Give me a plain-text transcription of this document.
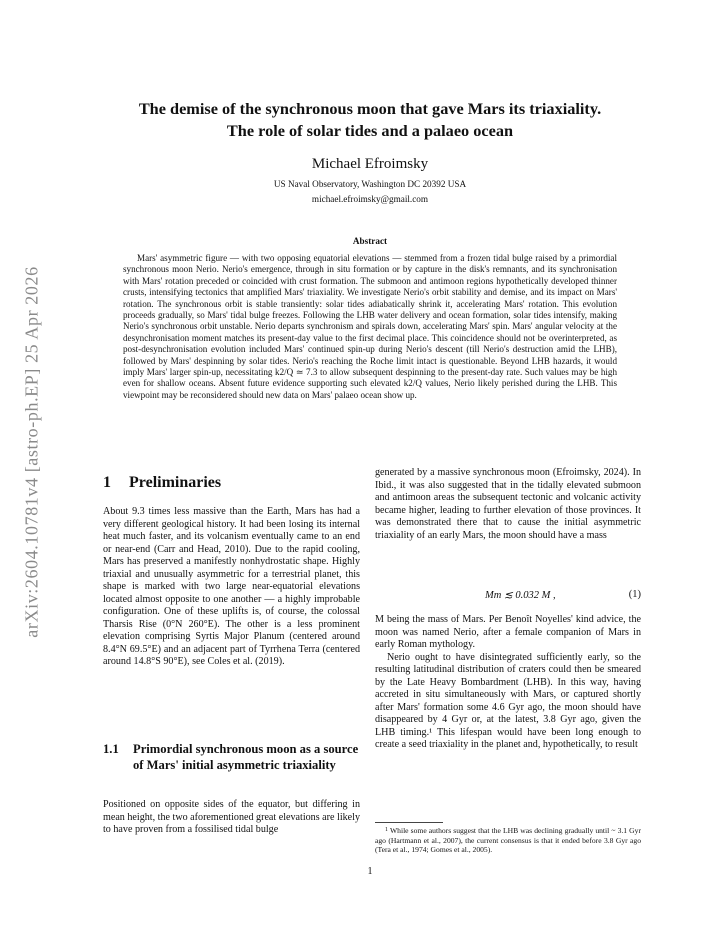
arXiv:2604.10781v4 [astro-ph.EP] 25 Apr 2026
The demise of the synchronous moon that gave Mars its triaxiality.
The role of solar tides and a palaeo ocean
Michael Efroimsky
US Naval Observatory, Washington DC 20392 USA
michael.efroimsky@gmail.com
Abstract
Mars' asymmetric figure — with two opposing equatorial elevations — stemmed from a frozen tidal bulge raised by a primordial synchronous moon Nerio. Nerio's emergence, through in situ formation or by capture in the disk's remnants, and its synchronisation with Mars' rotation preceded or coincided with crust formation. The submoon and antimoon regions hypothetically developed thinner crusts, intensifying tectonics that amplified Mars' triaxiality. We investigate Nerio's orbit stability and demise, and its impact on Mars' rotation. The synchronous orbit is stable transiently: solar tides adiabatically shrink it, accelerating Mars' rotation. This evolution proceeds gradually, so Mars' tidal bulge freezes. Following the LHB water delivery and ocean formation, solar tides intensify, making Nerio's synchronous orbit unstable. Nerio departs synchronism and spirals down, accelerating Mars' spin. Mars' angular velocity at the desynchronisation moment matches its present-day value to the first decimal place. This coincidence should not be overinterpreted, as post-desynchronisation evolution included Mars' continued spin-up during Nerio's descent (till Nerio's destruction amid the LHB), followed by Mars' despinning by solar tides. Nerio's reaching the Roche limit intact is questionable. Beyond LHB hazards, it would imply Mars' larger spin-up, necessitating k2/Q ≃ 7.3 to allow subsequent despinning to the present-day rate. Such values may be high even for shallow oceans. Absent future evidence supporting such elevated k2/Q values, Nerio likely perished during the LHB. This viewpoint may be reconsidered should new data on Mars' palaeo ocean show up.
1 Preliminaries

About 9.3 times less massive than the Earth, Mars has had a very different geological history. It had been losing its internal heat much faster, and its volcanism eventually came to an end or near-end (Carr and Head, 2010). Due to the rapid cooling, Mars has preserved a manifestly nonhydrostatic shape. Highly triaxial and unusually asymmetric for a terrestrial planet, this shape is marked with two large near-equatorial elevations located almost opposite to one another — a highly improbable configuration. One of these uplifts is, of course, the colossal Tharsis Rise (0°N 260°E). The other is a less prominent elevation comprising Syrtis Major Planum (centered around 8.4°N 69.5°E) and an adjacent part of Tyrrhena Terra (centered around 14.8°S 90°E), see Coles et al. (2019).

1.1 Primordial synchronous moon as a source of Mars' initial asymmetric triaxiality
Positioned on opposite sides of the equator, but differing in mean height, the two aforementioned great elevations are likely to have proven from a fossilised tidal bulge

generated by a massive synchronous moon (Efroimsky, 2024). In Ibid., it was also suggested that in the tidally elevated submoon and antimoon areas the subsequent tectonic and volcanic activity became higher, leading to further elevation of those provinces. It was demonstrated there that to cause the initial asymmetric triaxiality of an early Mars, the moon should have a mass

Mm ≲ 0.032 M ,	(1)

M being the mass of Mars. Per Benoît Noyelles' kind advice, the moon was named Nerio, after a female companion of Mars in early Roman mythology.

Nerio ought to have disintegrated sufficiently early, so the resulting latitudinal distribution of craters could then be smeared by the Late Heavy Bombardment (LHB). In this way, having accreted in situ simultaneously with Mars, or captured shortly after Mars' formation some 4.6 Gyr ago, the moon should have disappeared by 4 Gyr or, at the latest, 3.8 Gyr ago, given the LHB timing.¹ This lifespan would have been long enough to create a seed triaxiality in the planet and, hypothetically, to result

$^1$ While some authors suggest that the LHB was declining gradually until ~ 3.1 Gyr ago (Hartmann et al., 2007), the current consensus is that it ended before 3.8 Gyr ago (Tera et al., 1974; Gomes et al., 2005).
1
